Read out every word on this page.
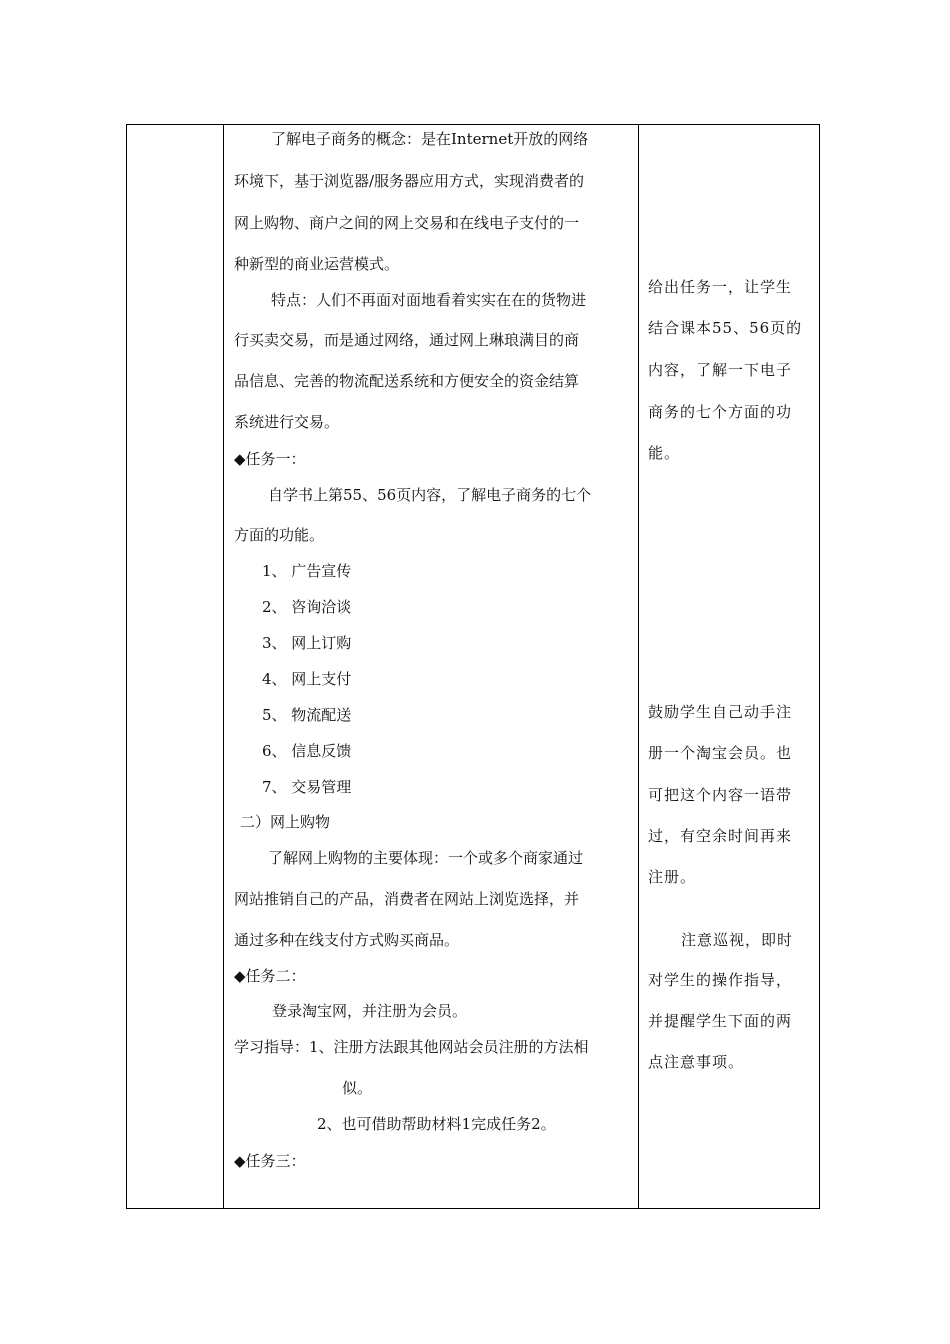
了解电子商务的概念：是在Internet开放的网络
环境下，基于浏览器/服务器应用方式，实现消费者的
网上购物、商户之间的网上交易和在线电子支付的一
种新型的商业运营模式。
特点：人们不再面对面地看着实实在在的货物进
行买卖交易，而是通过网络，通过网上琳琅满目的商
品信息、完善的物流配送系统和方便安全的资金结算
系统进行交易。
◆任务一：
自学书上第55、56页内容，了解电子商务的七个
方面的功能。
1、 广告宣传
2、 咨询洽谈
3、 网上订购
4、 网上支付
5、 物流配送
6、 信息反馈
7、 交易管理
二）网上购物
了解网上购物的主要体现：一个或多个商家通过
网站推销自己的产品，消费者在网站上浏览选择，并
通过多种在线支付方式购买商品。
◆任务二：
登录淘宝网，并注册为会员。
学习指导：1、注册方法跟其他网站会员注册的方法相
似。
2、也可借助帮助材料1完成任务2。
◆任务三：
给出任务一，让学生
结合课本55、56页的
内容，了解一下电子
商务的七个方面的功
能。
鼓励学生自己动手注
册一个淘宝会员。也
可把这个内容一语带
过，有空余时间再来
注册。
注意巡视，即时
对学生的操作指导，
并提醒学生下面的两
点注意事项。
